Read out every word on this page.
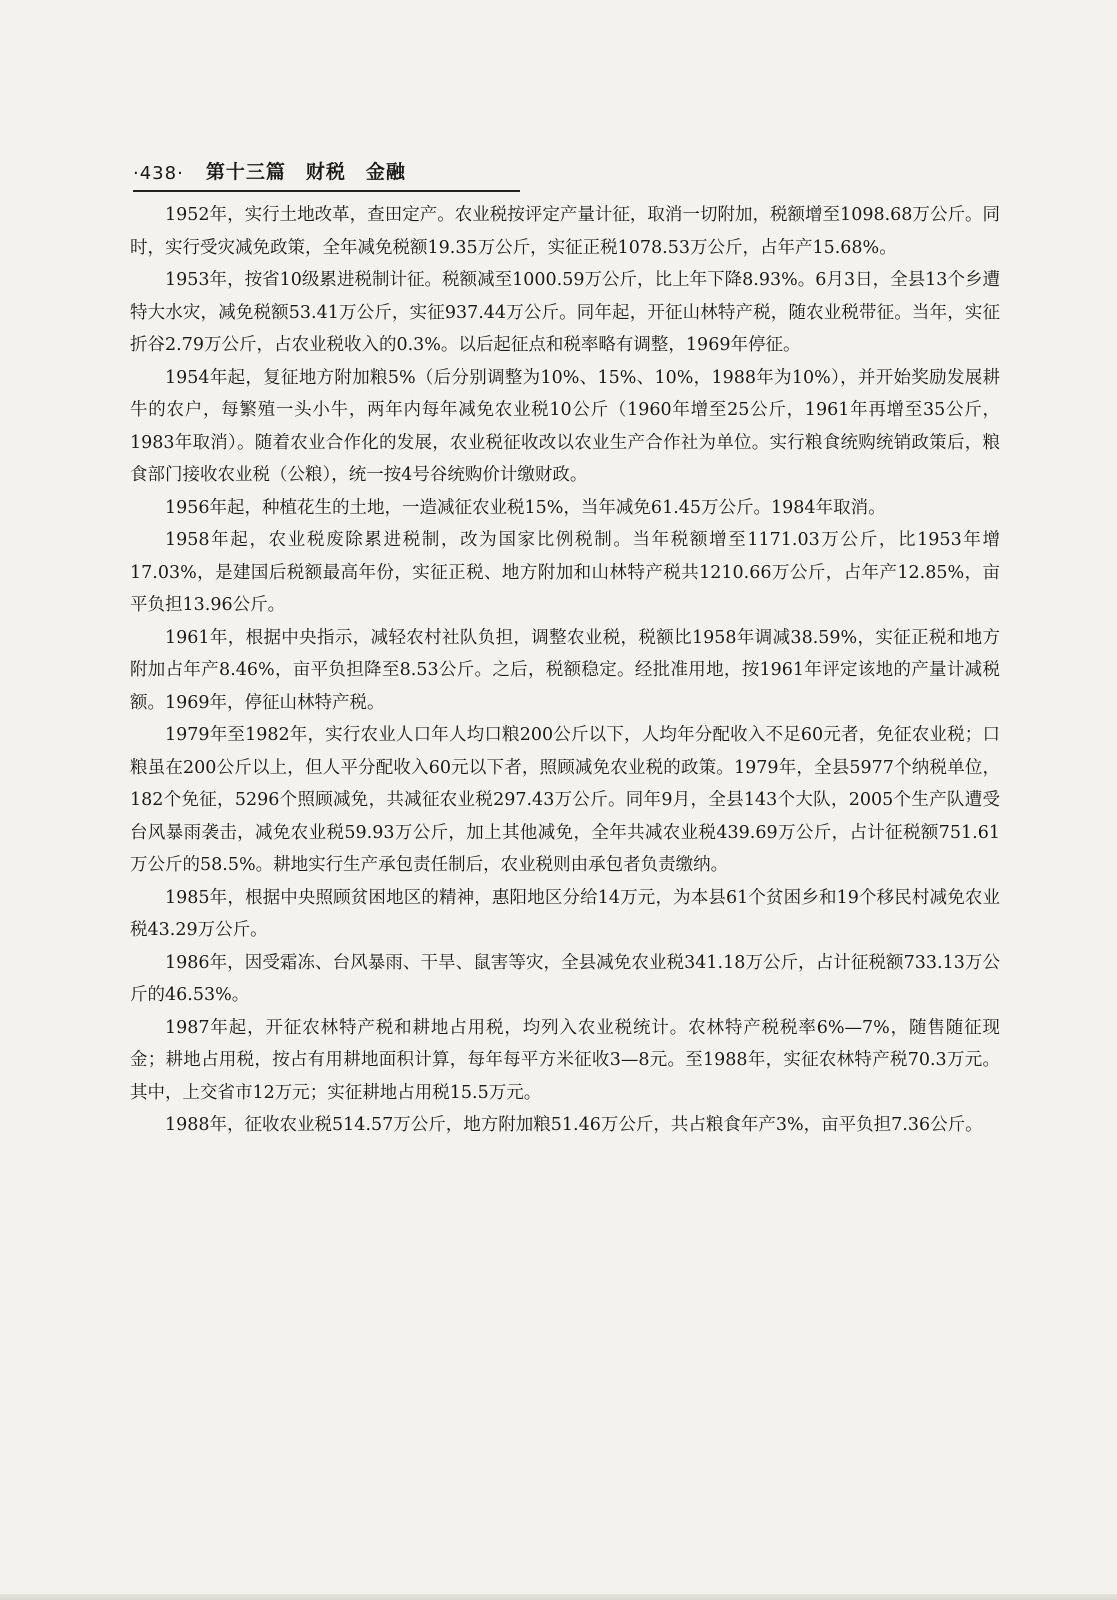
·438· 第十三篇　财税　金融

1952年，实行土地改革，查田定产。农业税按评定产量计征，取消一切附加，税额增至1098.68万公斤。同时，实行受灾减免政策，全年减免税额19.35万公斤，实征正税1078.53万公斤，占年产15.68%。

1953年，按省10级累进税制计征。税额减至1000.59万公斤，比上年下降8.93%。6月3日，全县13个乡遭特大水灾，减免税额53.41万公斤，实征937.44万公斤。同年起，开征山林特产税，随农业税带征。当年，实征折谷2.79万公斤，占农业税收入的0.3%。以后起征点和税率略有调整，1969年停征。

1954年起，复征地方附加粮5%（后分别调整为10%、15%、10%，1988年为10%），并开始奖励发展耕牛的农户，每繁殖一头小牛，两年内每年减免农业税10公斤（1960年增至25公斤，1961年再增至35公斤，1983年取消）。随着农业合作化的发展，农业税征收改以农业生产合作社为单位。实行粮食统购统销政策后，粮食部门接收农业税（公粮），统一按4号谷统购价计缴财政。

1956年起，种植花生的土地，一造减征农业税15%，当年减免61.45万公斤。1984年取消。

1958年起，农业税废除累进税制，改为国家比例税制。当年税额增至1171.03万公斤，比1953年增17.03%，是建国后税额最高年份，实征正税、地方附加和山林特产税共1210.66万公斤，占年产12.85%，亩平负担13.96公斤。

1961年，根据中央指示，减轻农村社队负担，调整农业税，税额比1958年调减38.59%，实征正税和地方附加占年产8.46%，亩平负担降至8.53公斤。之后，税额稳定。经批准用地，按1961年评定该地的产量计减税额。1969年，停征山林特产税。

1979年至1982年，实行农业人口年人均口粮200公斤以下，人均年分配收入不足60元者，免征农业税；口粮虽在200公斤以上，但人平分配收入60元以下者，照顾减免农业税的政策。1979年，全县5977个纳税单位，182个免征，5296个照顾减免，共减征农业税297.43万公斤。同年9月，全县143个大队，2005个生产队遭受台风暴雨袭击，减免农业税59.93万公斤，加上其他减免，全年共减农业税439.69万公斤，占计征税额751.61万公斤的58.5%。耕地实行生产承包责任制后，农业税则由承包者负责缴纳。

1985年，根据中央照顾贫困地区的精神，惠阳地区分给14万元，为本县61个贫困乡和19个移民村减免农业税43.29万公斤。

1986年，因受霜冻、台风暴雨、干旱、鼠害等灾，全县减免农业税341.18万公斤，占计征税额733.13万公斤的46.53%。

1987年起，开征农林特产税和耕地占用税，均列入农业税统计。农林特产税税率6%—7%，随售随征现金；耕地占用税，按占有用耕地面积计算，每年每平方米征收3—8元。至1988年，实征农林特产税70.3万元。其中，上交省市12万元；实征耕地占用税15.5万元。

1988年，征收农业税514.57万公斤，地方附加粮51.46万公斤，共占粮食年产3%，亩平负担7.36公斤。
